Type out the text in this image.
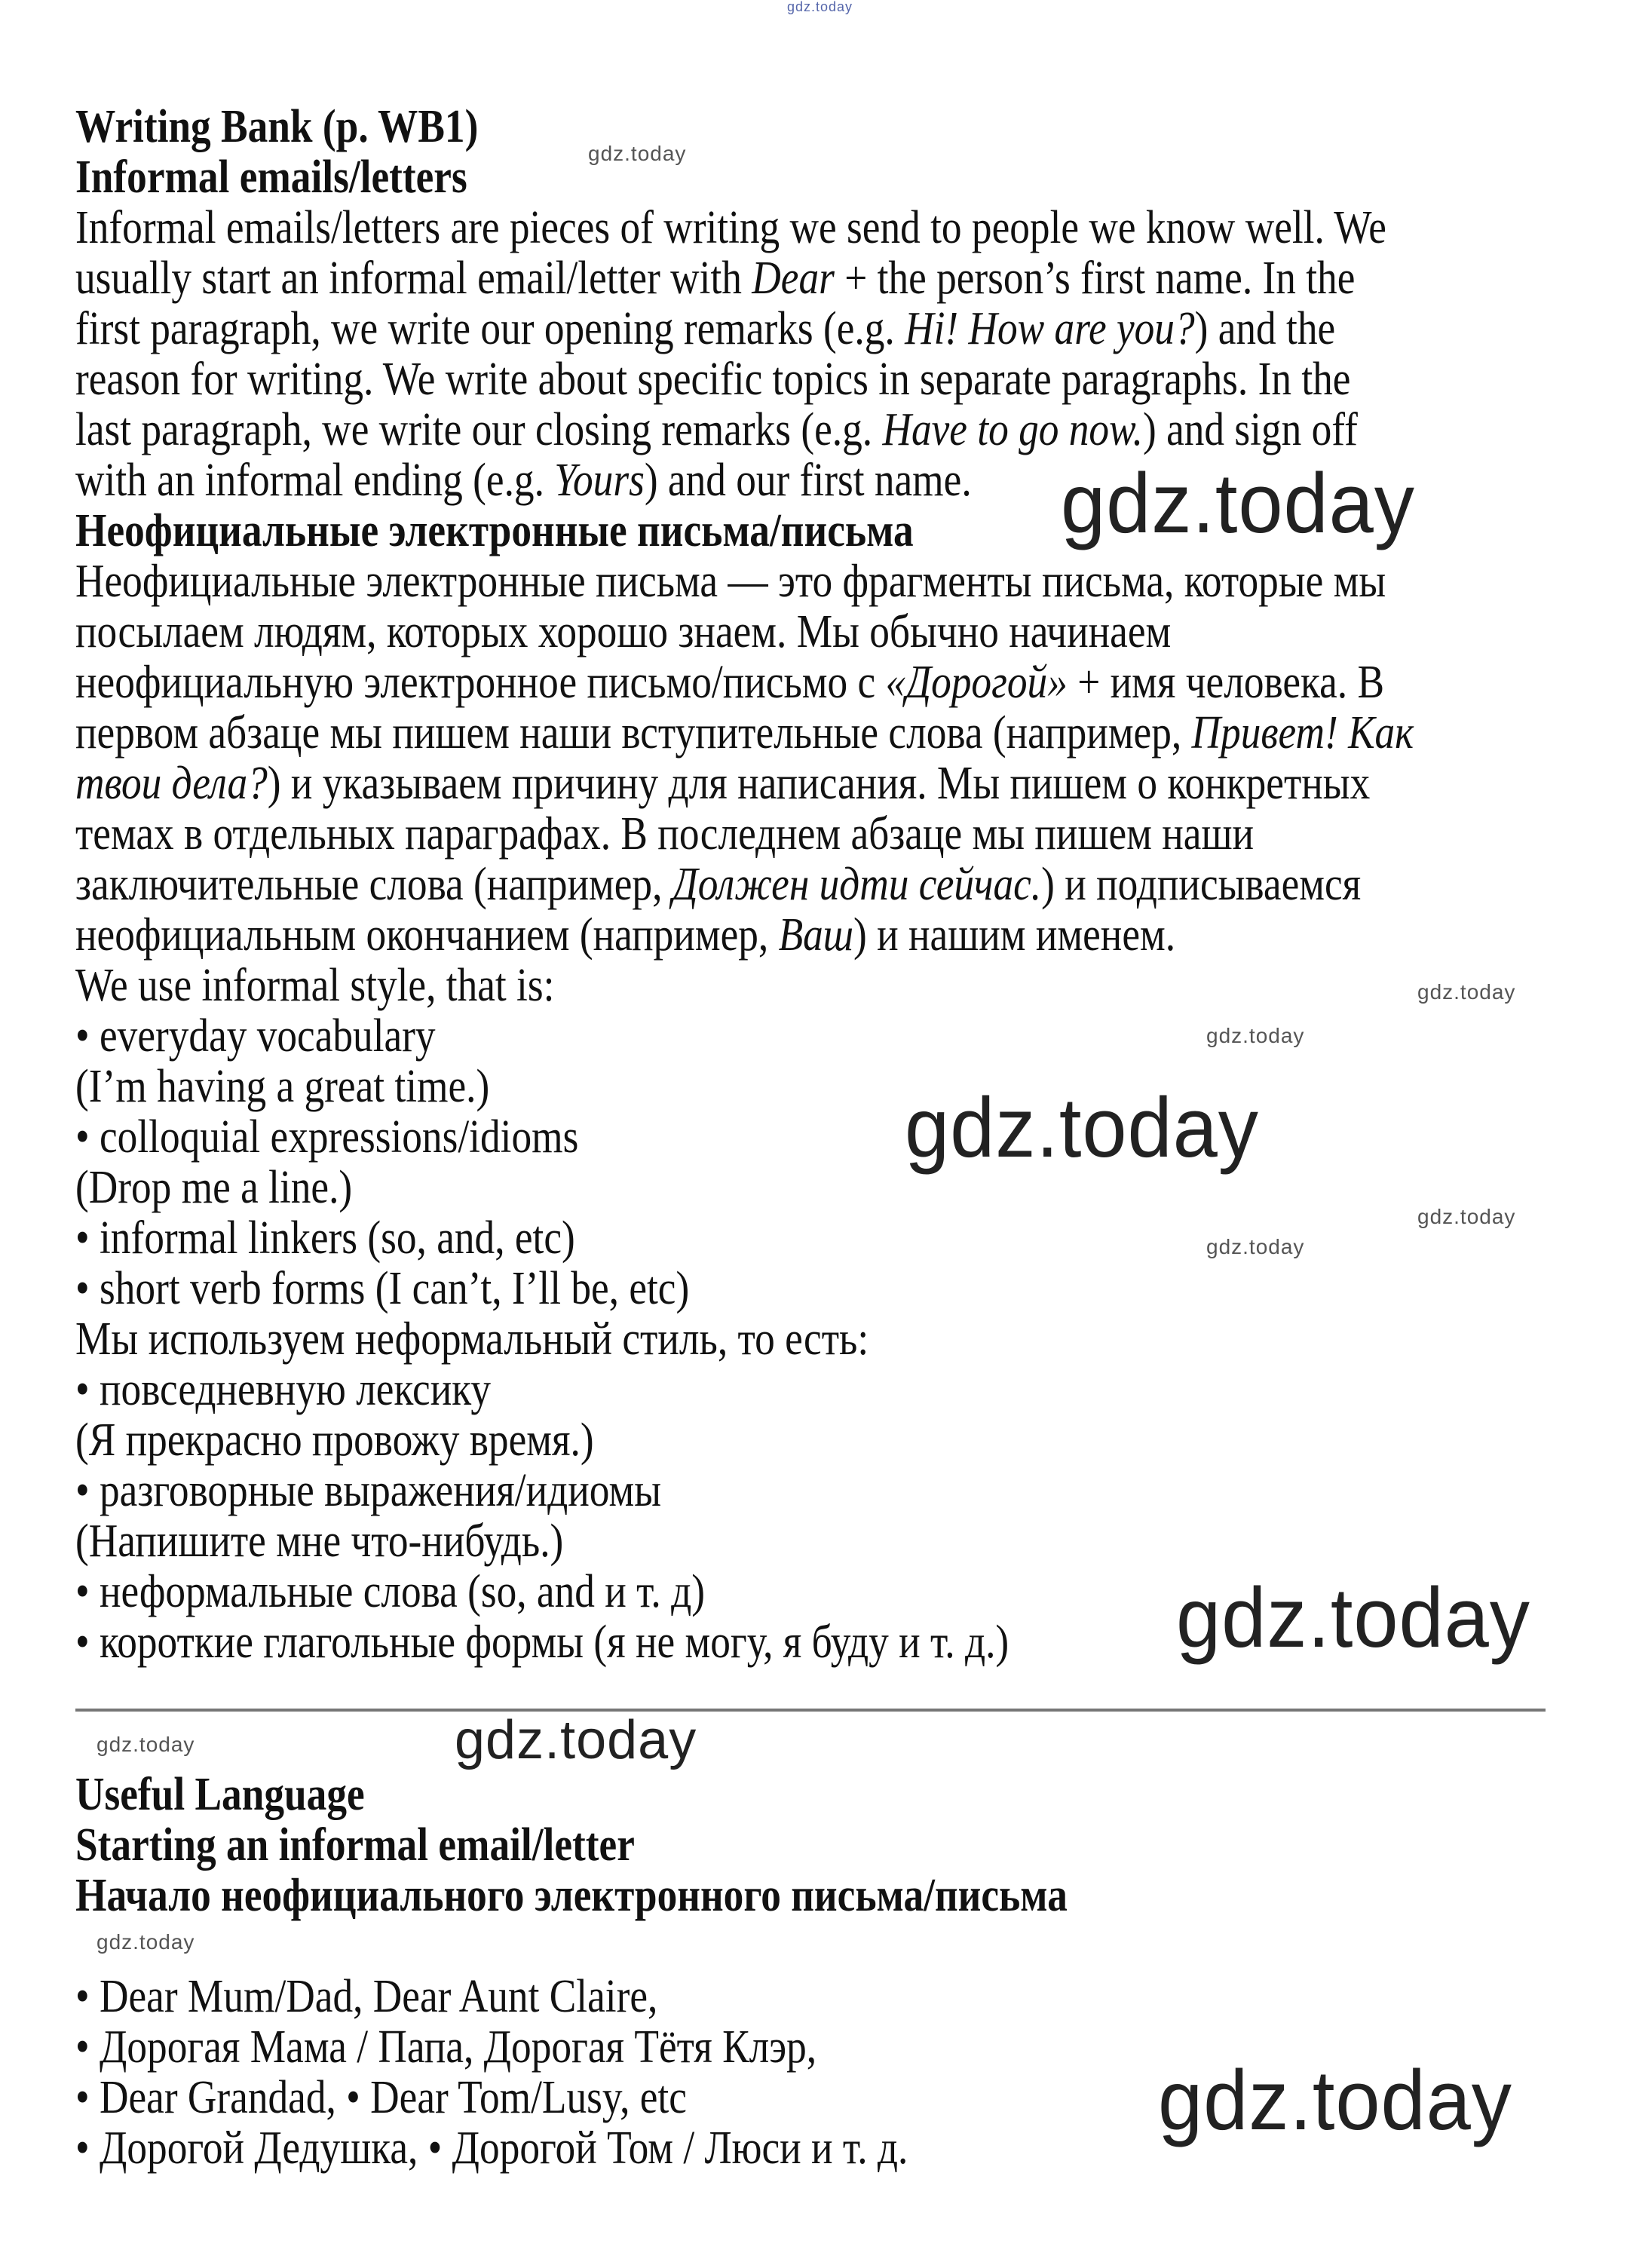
Writing Bank (p. WB1)
Informal emails/letters
Informal emails/letters are pieces of writing we send to people we know well. We
usually start an informal email/letter with Dear + the person’s first name. In the
first paragraph, we write our opening remarks (e.g. Hi! How are you?) and the
reason for writing. We write about specific topics in separate paragraphs. In the
last paragraph, we write our closing remarks (e.g. Have to go now.) and sign off
with an informal ending (e.g. Yours) and our first name.
Неофициальные электронные письма/письма
Неофициальные электронные письма — это фрагменты письма, которые мы
посылаем людям, которых хорошо знаем. Мы обычно начинаем
неофициальную электронное письмо/письмо с «Дорогой» + имя человека. В
первом абзаце мы пишем наши вступительные слова (например, Привет! Как
твои дела?) и указываем причину для написания. Мы пишем о конкретных
темах в отдельных параграфах. В последнем абзаце мы пишем наши
заключительные слова (например, Должен идти сейчас.) и подписываемся
неофициальным окончанием (например, Ваш) и нашим именем.
We use informal style, that is:
• everyday vocabulary
(I’m having a great time.)
• colloquial expressions/idioms
(Drop me a line.)
• informal linkers (so, and, etc)
• short verb forms (I can’t, I’ll be, etc)
Мы используем неформальный стиль, то есть:
• повседневную лексику
(Я прекрасно провожу время.)
• разговорные выражения/идиомы
(Напишите мне что-нибудь.)
• неформальные слова (so, and и т. д)
• короткие глагольные формы (я не могу, я буду и т. д.)
Useful Language
Starting an informal email/letter
Начало неофициального электронного письма/письма
• Dear Mum/Dad, Dear Aunt Claire,
• Дорогая Мама / Папа, Дорогая Тётя Клэр,
• Dear Grandad, • Dear Tom/Lusy, etc
• Дорогой Дедушка, • Дорогой Том / Люси и т. д.
gdz.today
gdz.today
gdz.today
gdz.today
gdz.today
gdz.today
gdz.today
gdz.today
gdz.today
gdz.today
gdz.today
gdz.today
gdz.today
